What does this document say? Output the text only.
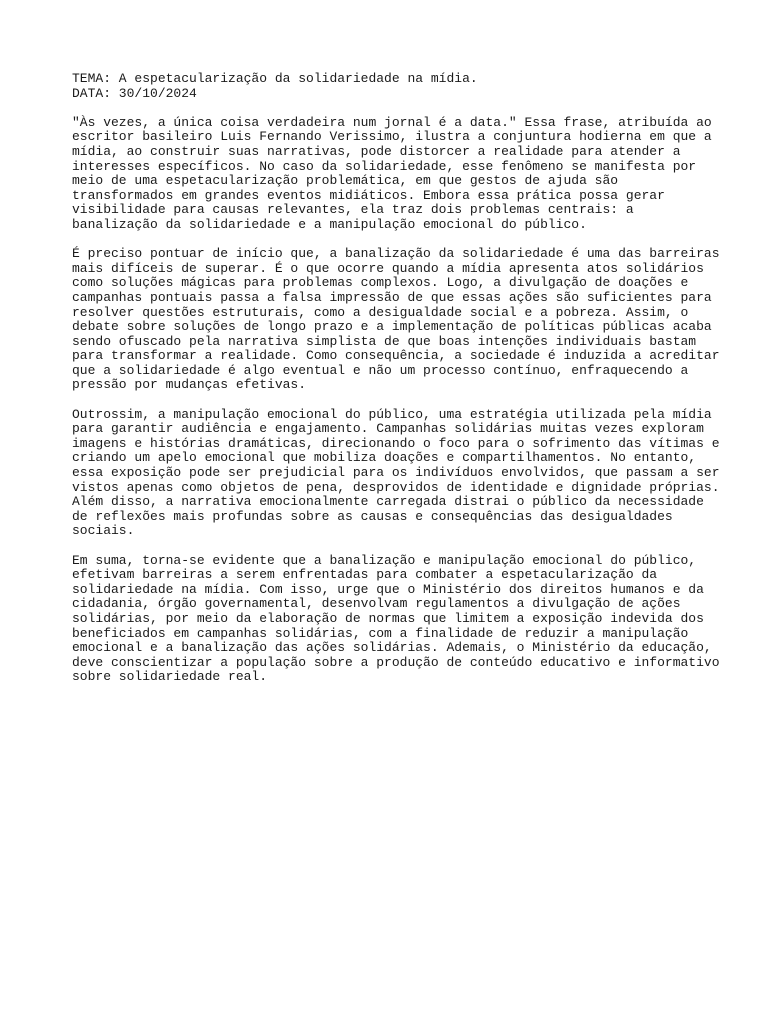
TEMA: A espetacularização da solidariedade na mídia.
DATA: 30/10/2024
"Às vezes, a única coisa verdadeira num jornal é a data." Essa frase, atribuída ao
escritor basileiro Luis Fernando Verissimo, ilustra a conjuntura hodierna em que a
mídia, ao construir suas narrativas, pode distorcer a realidade para atender a
interesses específicos. No caso da solidariedade, esse fenômeno se manifesta por
meio de uma espetacularização problemática, em que gestos de ajuda são
transformados em grandes eventos midiáticos. Embora essa prática possa gerar
visibilidade para causas relevantes, ela traz dois problemas centrais: a
banalização da solidariedade e a manipulação emocional do público.
É preciso pontuar de início que, a banalização da solidariedade é uma das barreiras
mais difíceis de superar. É o que ocorre quando a mídia apresenta atos solidários
como soluções mágicas para problemas complexos. Logo, a divulgação de doações e
campanhas pontuais passa a falsa impressão de que essas ações são suficientes para
resolver questões estruturais, como a desigualdade social e a pobreza. Assim, o
debate sobre soluções de longo prazo e a implementação de políticas públicas acaba
sendo ofuscado pela narrativa simplista de que boas intenções individuais bastam
para transformar a realidade. Como consequência, a sociedade é induzida a acreditar
que a solidariedade é algo eventual e não um processo contínuo, enfraquecendo a
pressão por mudanças efetivas.
Outrossim, a manipulação emocional do público, uma estratégia utilizada pela mídia
para garantir audiência e engajamento. Campanhas solidárias muitas vezes exploram
imagens e histórias dramáticas, direcionando o foco para o sofrimento das vítimas e
criando um apelo emocional que mobiliza doações e compartilhamentos. No entanto,
essa exposição pode ser prejudicial para os indivíduos envolvidos, que passam a ser
vistos apenas como objetos de pena, desprovidos de identidade e dignidade próprias.
Além disso, a narrativa emocionalmente carregada distrai o público da necessidade
de reflexões mais profundas sobre as causas e consequências das desigualdades
sociais.
Em suma, torna-se evidente que a banalização e manipulação emocional do público,
efetivam barreiras a serem enfrentadas para combater a espetacularização da
solidariedade na mídia. Com isso, urge que o Ministério dos direitos humanos e da
cidadania, órgão governamental, desenvolvam regulamentos a divulgação de ações
solidárias, por meio da elaboração de normas que limitem a exposição indevida dos
beneficiados em campanhas solidárias, com a finalidade de reduzir a manipulação
emocional e a banalização das ações solidárias. Ademais, o Ministério da educação,
deve conscientizar a população sobre a produção de conteúdo educativo e informativo
sobre solidariedade real.
